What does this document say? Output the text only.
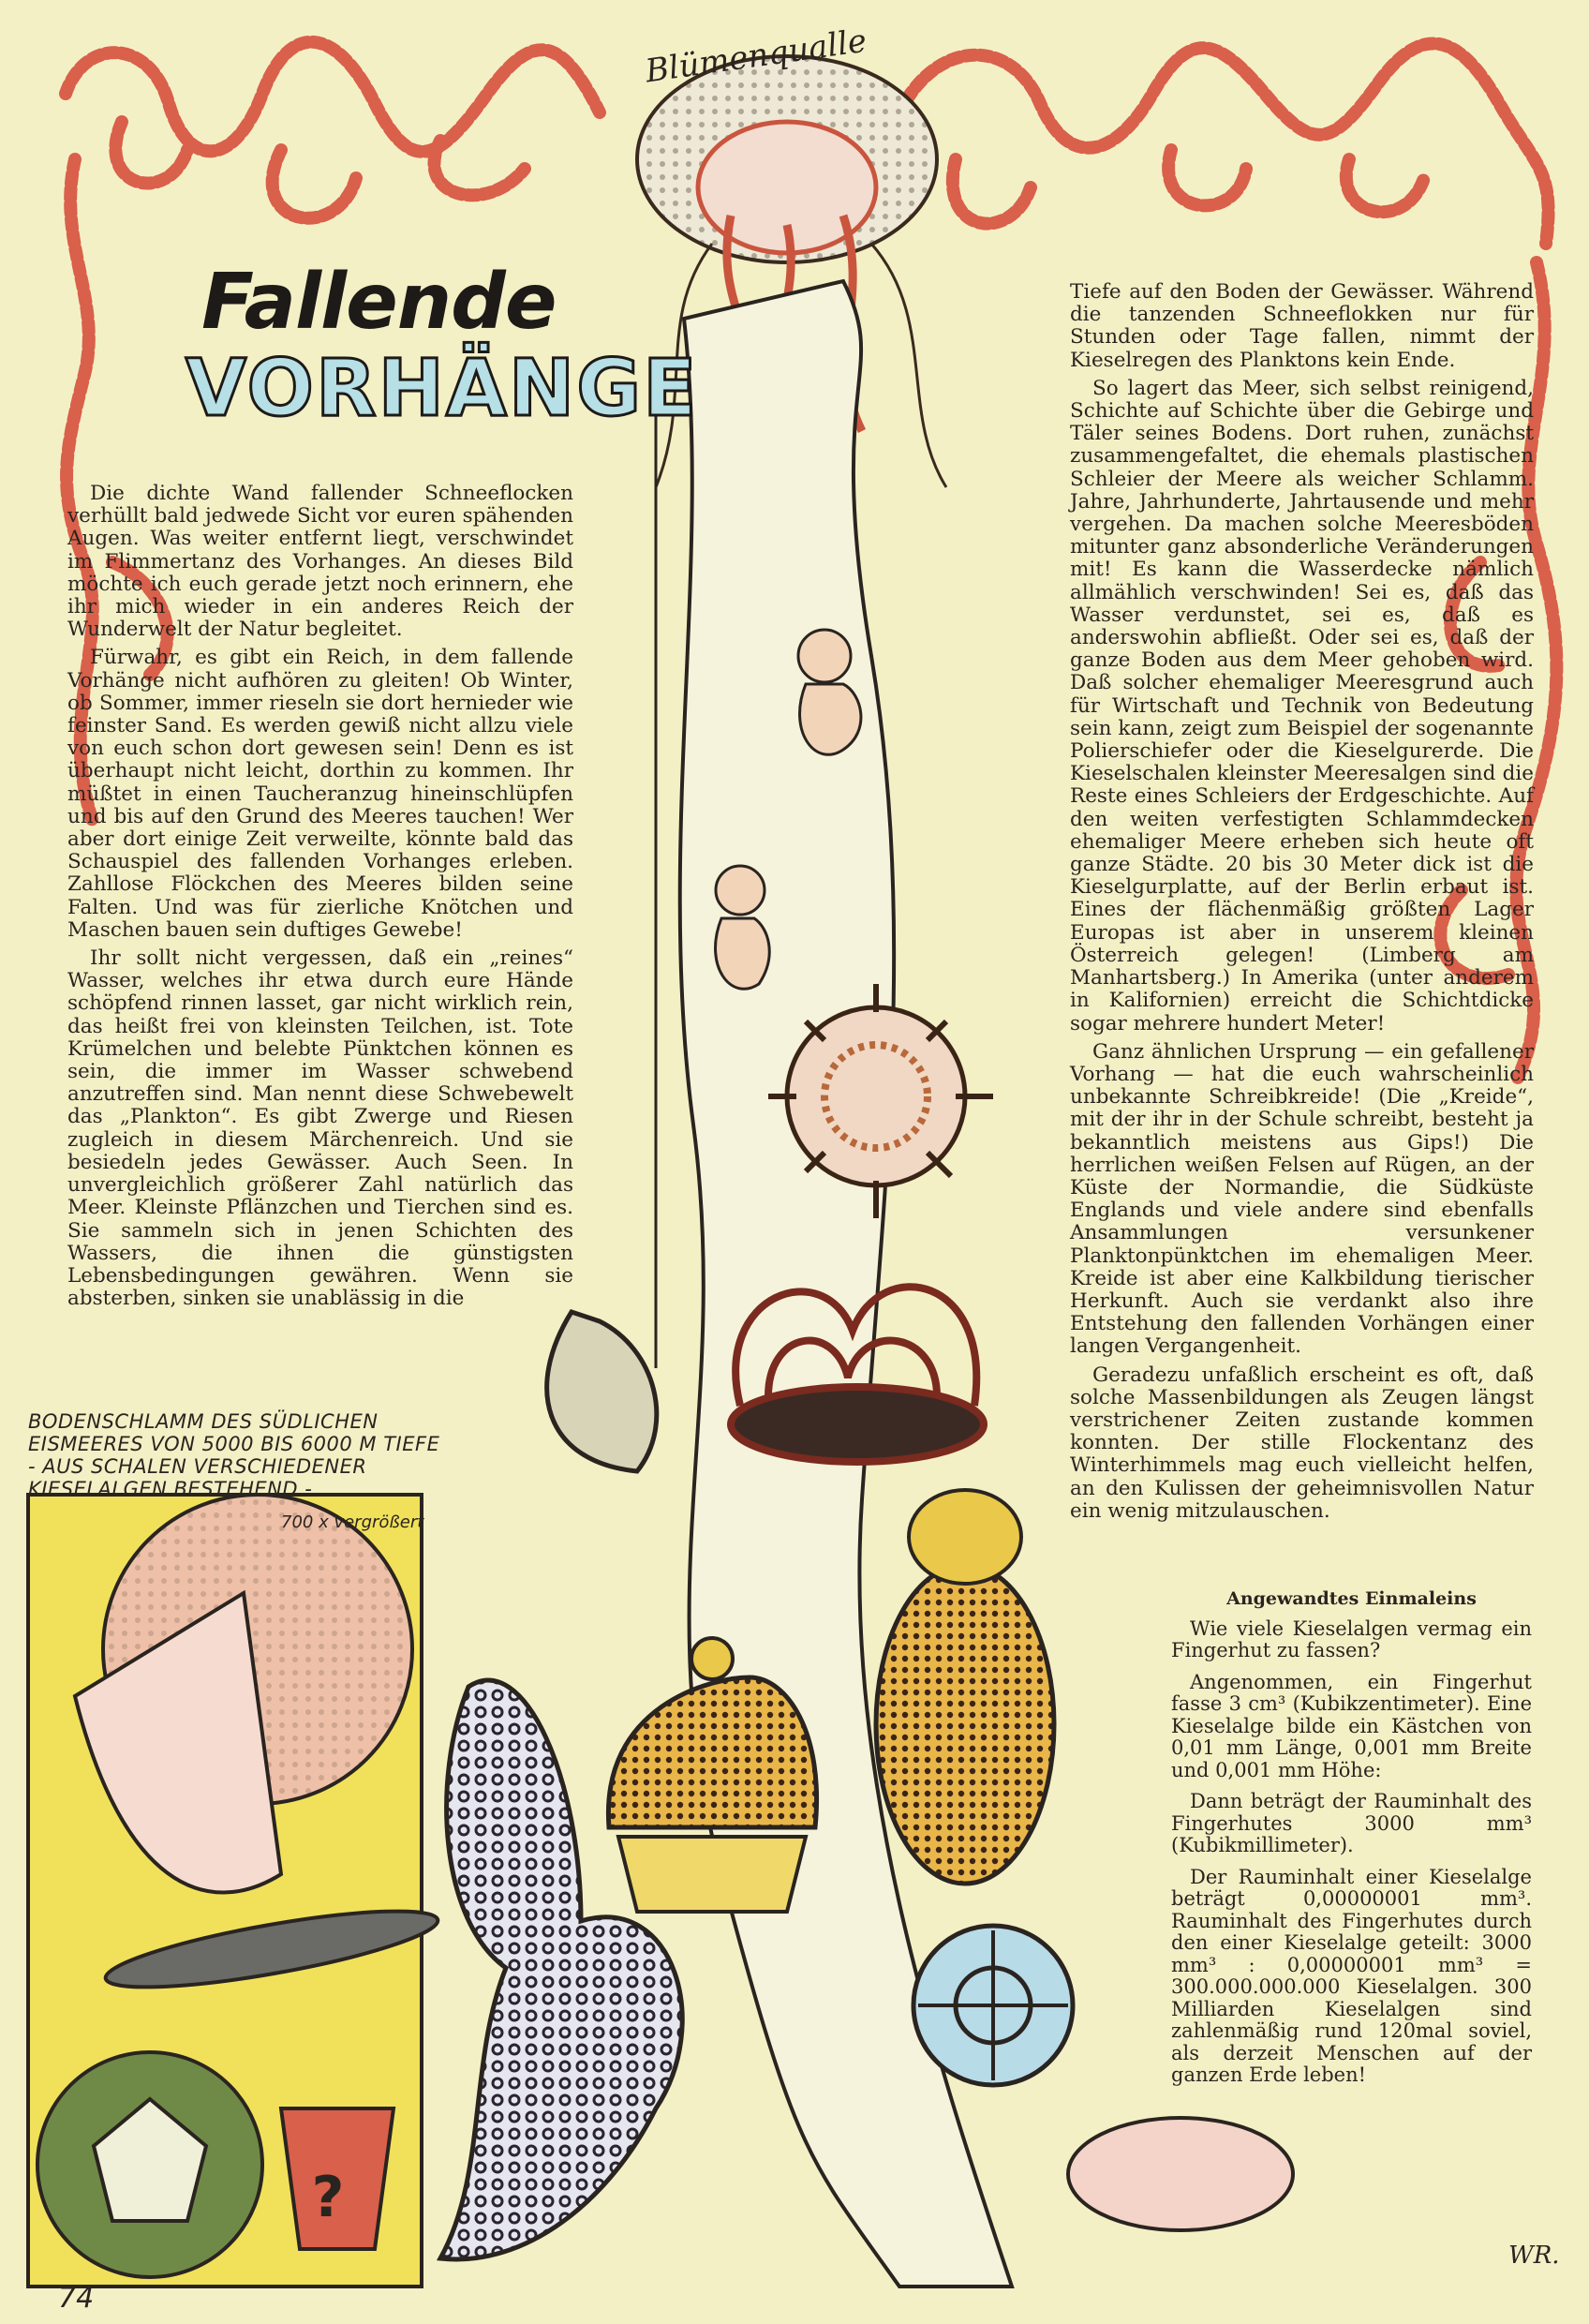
?
Fallende
VORHÄNGE
Blümenqualle

Die dichte Wand fallender Schneeflocken verhüllt bald jedwede Sicht vor euren spähenden Augen. Was weiter entfernt liegt, verschwindet im Flimmertanz des Vorhanges. An dieses Bild möchte ich euch gerade jetzt noch erinnern, ehe ihr mich wieder in ein anderes Reich der Wunderwelt der Natur begleitet.

Fürwahr, es gibt ein Reich, in dem fallende Vorhänge nicht aufhören zu gleiten! Ob Winter, ob Sommer, immer rieseln sie dort hernieder wie feinster Sand. Es werden gewiß nicht allzu viele von euch schon dort gewesen sein! Denn es ist überhaupt nicht leicht, dorthin zu kommen. Ihr müßtet in einen Taucheranzug hineinschlüpfen und bis auf den Grund des Meeres tauchen! Wer aber dort einige Zeit verweilte, könnte bald das Schauspiel des fallenden Vorhanges erleben. Zahllose Flöckchen des Meeres bilden seine Falten. Und was für zierliche Knötchen und Maschen bauen sein duftiges Gewebe!

Ihr sollt nicht vergessen, daß ein „reines“ Wasser, welches ihr etwa durch eure Hände schöpfend rinnen lasset, gar nicht wirklich rein, das heißt frei von kleinsten Teilchen, ist. Tote Krümelchen und belebte Pünktchen können es sein, die immer im Wasser schwebend anzutreffen sind. Man nennt diese Schwebewelt das „Plankton“. Es gibt Zwerge und Riesen zugleich in diesem Märchenreich. Und sie besiedeln jedes Gewässer. Auch Seen. In unvergleichlich größerer Zahl natürlich das Meer. Kleinste Pflänzchen und Tierchen sind es. Sie sammeln sich in jenen Schichten des Wassers, die ihnen die günstigsten Lebensbedingungen gewähren. Wenn sie absterben, sinken sie unablässig in die

Tiefe auf den Boden der Gewässer. Während die tanzenden Schneeflokken nur für Stunden oder Tage fallen, nimmt der Kieselregen des Planktons kein Ende.

So lagert das Meer, sich selbst reinigend, Schichte auf Schichte über die Gebirge und Täler seines Bodens. Dort ruhen, zunächst zusammengefaltet, die ehemals plastischen Schleier der Meere als weicher Schlamm. Jahre, Jahrhunderte, Jahrtausende und mehr vergehen. Da machen solche Meeresböden mitunter ganz absonderliche Veränderungen mit! Es kann die Wasserdecke nämlich allmählich verschwinden! Sei es, daß das Wasser verdunstet, sei es, daß es anderswohin abfließt. Oder sei es, daß der ganze Boden aus dem Meer gehoben wird. Daß solcher ehemaliger Meeresgrund auch für Wirtschaft und Technik von Bedeutung sein kann, zeigt zum Beispiel der sogenannte Polierschiefer oder die Kieselgurerde. Die Kieselschalen kleinster Meeresalgen sind die Reste eines Schleiers der Erdgeschichte. Auf den weiten verfestigten Schlammdecken ehemaliger Meere erheben sich heute oft ganze Städte. 20 bis 30 Meter dick ist die Kieselgurplatte, auf der Berlin erbaut ist. Eines der flächenmäßig größten Lager Europas ist aber in unserem kleinen Österreich gelegen! (Limberg am Manhartsberg.) In Amerika (unter anderem in Kalifornien) erreicht die Schichtdicke sogar mehrere hundert Meter!

Ganz ähnlichen Ursprung — ein gefallener Vorhang — hat die euch wahrscheinlich unbekannte Schreibkreide! (Die „Kreide“, mit der ihr in der Schule schreibt, besteht ja bekanntlich meistens aus Gips!) Die herrlichen weißen Felsen auf Rügen, an der Küste der Normandie, die Südküste Englands und viele andere sind ebenfalls Ansammlungen versunkener Planktonpünktchen im ehemaligen Meer. Kreide ist aber eine Kalkbildung tierischer Herkunft. Auch sie verdankt also ihre Entstehung den fallenden Vorhängen einer langen Vergangenheit.

Geradezu unfaßlich erscheint es oft, daß solche Massenbildungen als Zeugen längst verstrichener Zeiten zustande kommen konnten. Der stille Flockentanz des Winterhimmels mag euch vielleicht helfen, an den Kulissen der geheimnisvollen Natur ein wenig mitzulauschen.

Angewandtes Einmaleins

Wie viele Kieselalgen vermag ein Fingerhut zu fassen?

Angenommen, ein Fingerhut fasse 3 cm³ (Kubikzentimeter). Eine Kieselalge bilde ein Kästchen von 0,01 mm Länge, 0,001 mm Breite und 0,001 mm Höhe:

Dann beträgt der Rauminhalt des Fingerhutes 3000 mm³ (Kubikmillimeter).

Der Rauminhalt einer Kieselalge beträgt 0,00000001 mm³. Rauminhalt des Fingerhutes durch den einer Kieselalge geteilt: 3000 mm³ : 0,00000001 mm³ = 300.000.000.000 Kieselalgen. 300 Milliarden Kieselalgen sind zahlenmäßig rund 120mal soviel, als derzeit Menschen auf der ganzen Erde leben!

BODENSCHLAMM DES SÜDLICHEN EISMEERES VON 5000 BIS 6000 M TIEFE - AUS SCHALEN VERSCHIEDENER KIESELALGEN BESTEHEND -
700 x vergrößert
74
WR.
